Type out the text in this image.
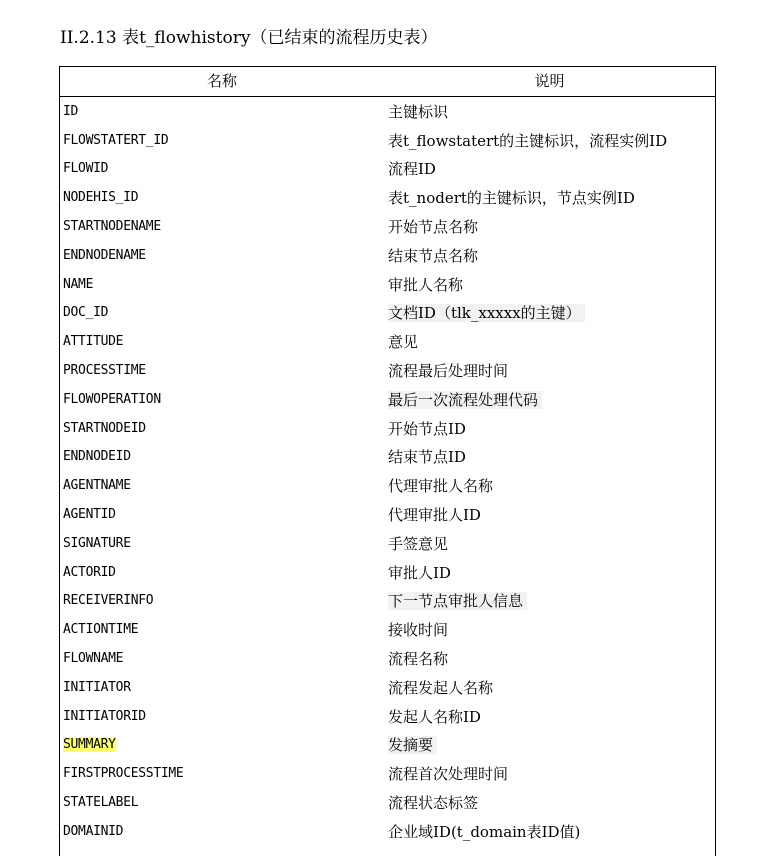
II.2.13 表t_flowhistory（已结束的流程历史表）
名称	说明
ID	主键标识
FLOWSTATERT_ID	表t_flowstatert的主键标识，流程实例ID
FLOWID	流程ID
NODEHIS_ID	表t_nodert的主键标识，节点实例ID
STARTNODENAME	开始节点名称
ENDNODENAME	结束节点名称
NAME	审批人名称
DOC_ID	文档ID（tlk_xxxxx的主键）
ATTITUDE	意见
PROCESSTIME	流程最后处理时间
FLOWOPERATION	最后一次流程处理代码
STARTNODEID	开始节点ID
ENDNODEID	结束节点ID
AGENTNAME	代理审批人名称
AGENTID	代理审批人ID
SIGNATURE	手签意见
ACTORID	审批人ID
RECEIVERINFO	下一节点审批人信息
ACTIONTIME	接收时间
FLOWNAME	流程名称
INITIATOR	流程发起人名称
INITIATORID	发起人名称ID
SUMMARY	发摘要
FIRSTPROCESSTIME	流程首次处理时间
STATELABEL	流程状态标签
DOMAINID	企业域ID(t_domain表ID值)
